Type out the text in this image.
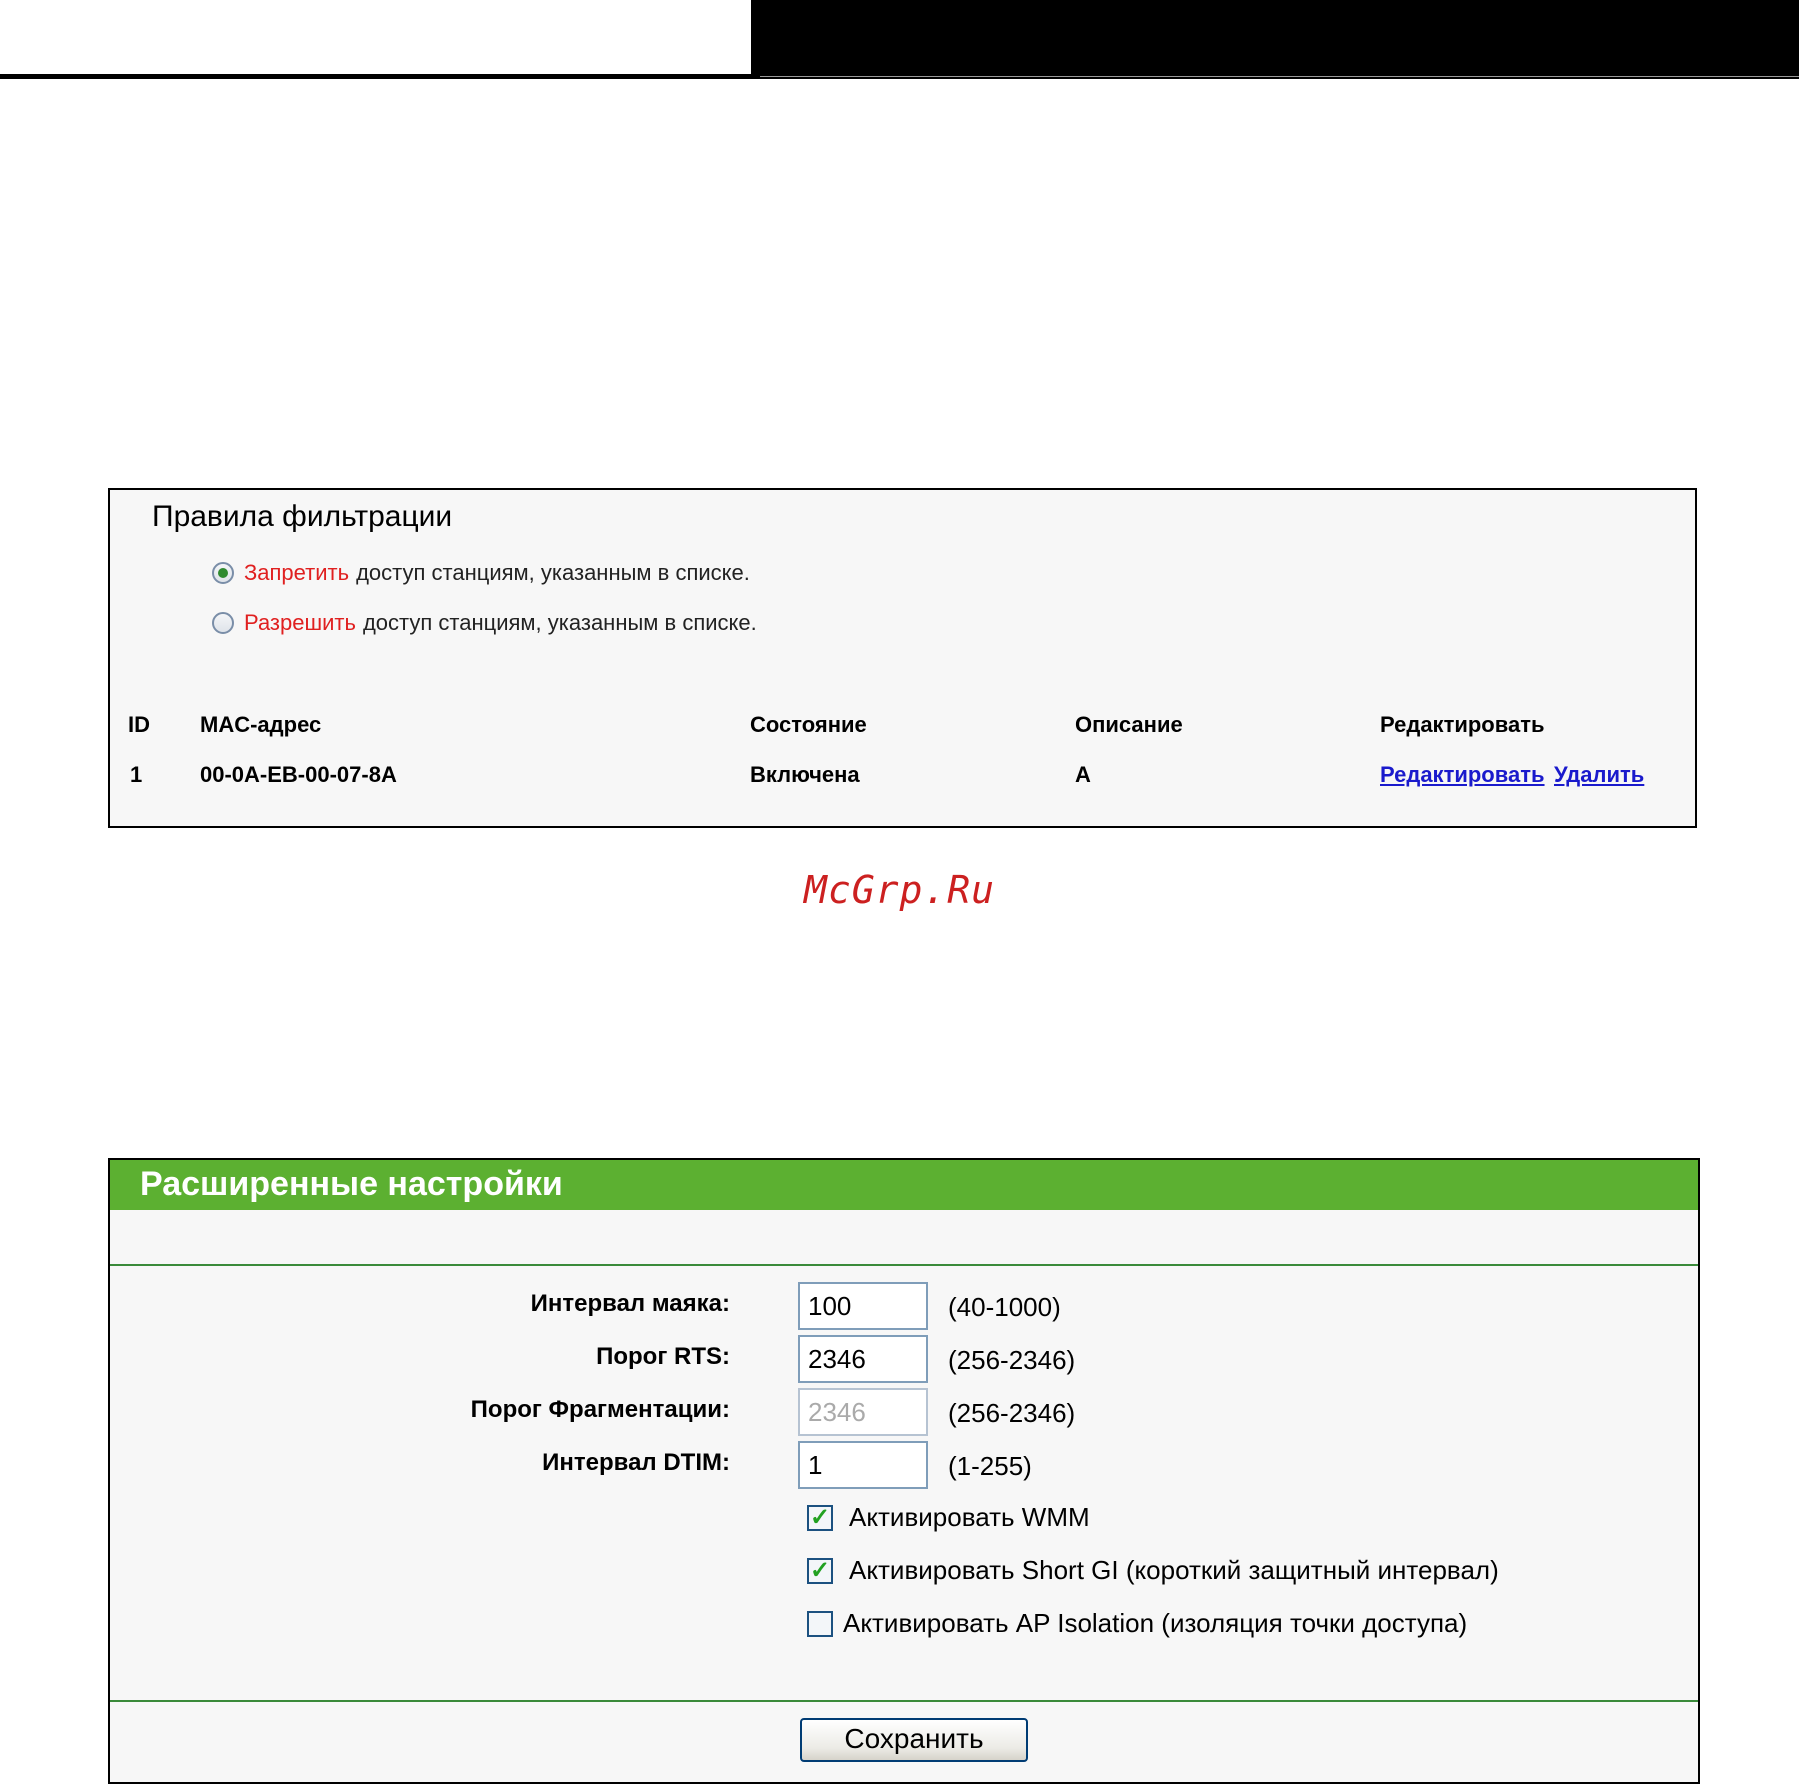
Правила фильтрации
Запретить доступ станциям, указанным в списке.
Разрешить доступ станциям, указанным в списке.
ID MAC-адрес	Состояние	Описание	Редактировать
1	00-0A-EB-00-07-8A	Включена	A	Редактировать Удалить
McGrp.Ru
Расширенные настройки
Интервал маяка:
100	(40-1000)
Порог RTS:
2346	(256-2346)
Порог Фрагментации:
2346	(256-2346)
Интервал DTIM:
1	(1-255)
✓ Активировать WMM
✓ Активировать Short GI (короткий защитный интервал)
Активировать AP Isolation (изоляция точки доступа)
Сохранить
